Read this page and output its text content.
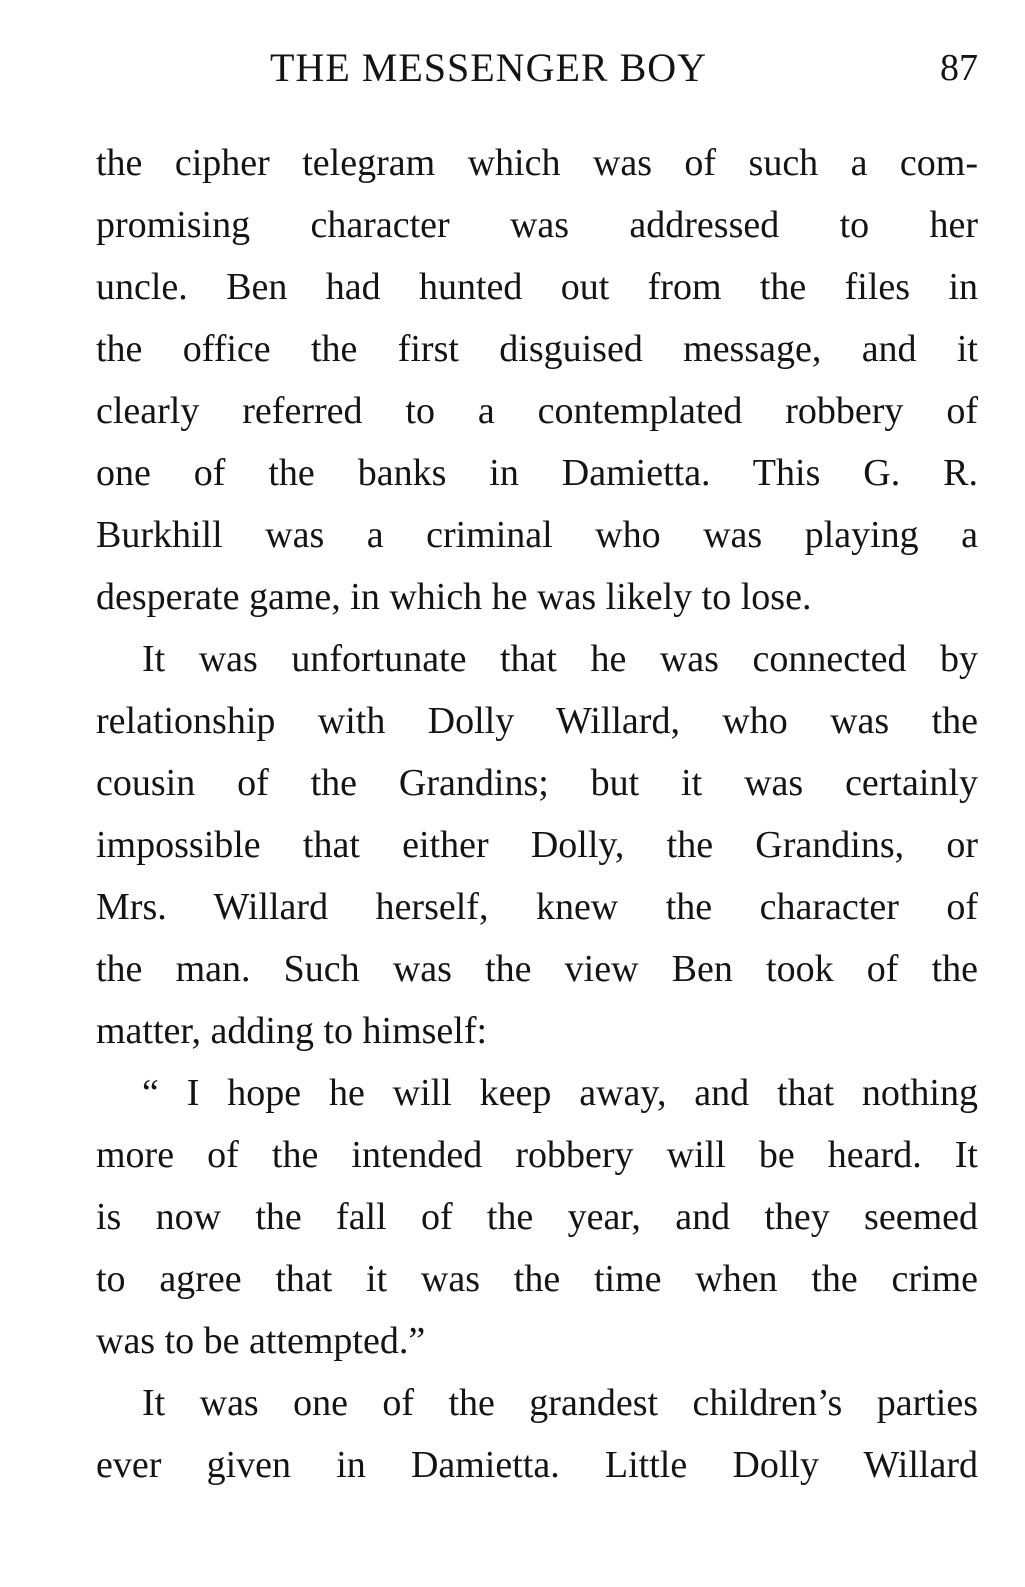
THE MESSENGER BOY	87
the cipher telegram which was of such a com-
promising character was addressed to her
uncle. Ben had hunted out from the files in
the office the first disguised message, and it
clearly referred to a contemplated robbery of
one of the banks in Damietta. This G. R.
Burkhill was a criminal who was playing a
desperate game, in which he was likely to lose.
It was unfortunate that he was connected by
relationship with Dolly Willard, who was the
cousin of the Grandins; but it was certainly
impossible that either Dolly, the Grandins, or
Mrs. Willard herself, knew the character of
the man. Such was the view Ben took of the
matter, adding to himself:
“ I hope he will keep away, and that nothing
more of the intended robbery will be heard. It
is now the fall of the year, and they seemed
to agree that it was the time when the crime
was to be attempted.”
It was one of the grandest children’s parties
ever given in Damietta. Little Dolly Willard
